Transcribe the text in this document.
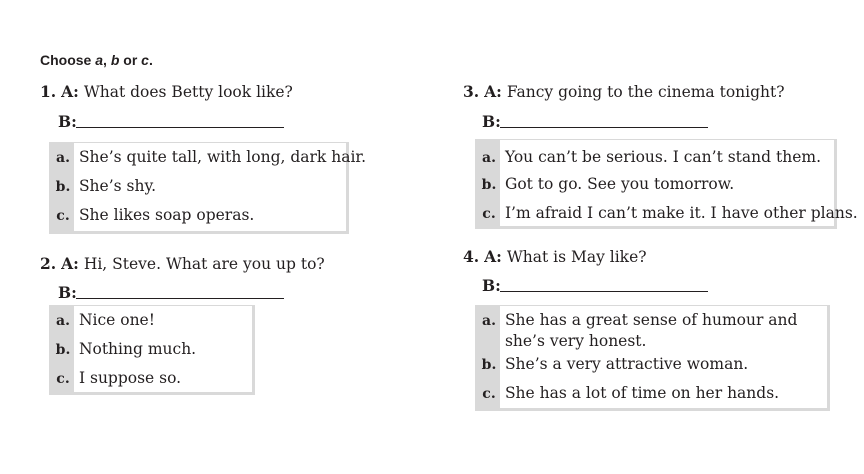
Choose a, b or c.
1. A: What does Betty look like?
B:
a. She’s quite tall, with long, dark hair.
b. She’s shy.
c. She likes soap operas.
2. A: Hi, Steve. What are you up to?
B:
a. Nice one!
b. Nothing much.
c. I suppose so.
3. A: Fancy going to the cinema tonight?
B:
a. You can’t be serious. I can’t stand them.
b. Got to go. See you tomorrow.
c. I’m afraid I can’t make it. I have other plans.
4. A: What is May like?
B:
a. She has a great sense of humour and she’s very honest.
b. She’s a very attractive woman.
c. She has a lot of time on her hands.
